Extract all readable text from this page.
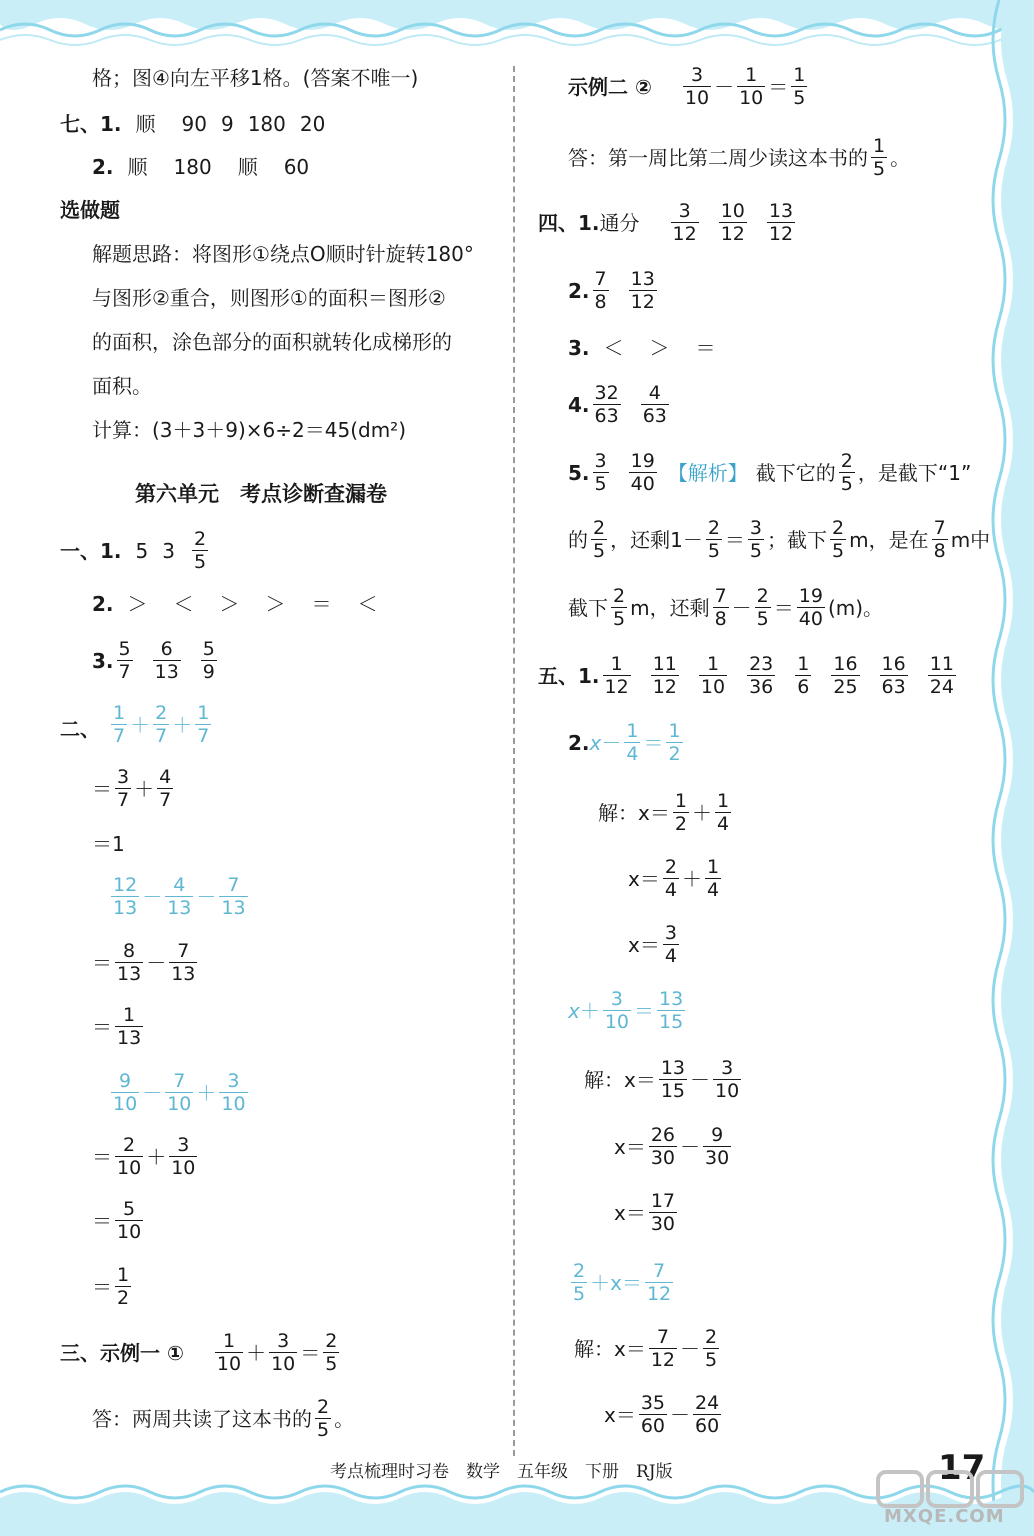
格；图④向左平移1格。(答案不唯一)
七、1. 顺 90 9 180 20
2. 顺 180 顺 60
选做题
解题思路：将图形①绕点O顺时针旋转180°
与图形②重合，则图形①的面积＝图形②
的面积，涂色部分的面积就转化成梯形的
面积。
计算：(3＋3＋9)×6÷2＝45(dm²)
第六单元　考点诊断查漏卷
一、1. 5 3 2
5
2. ＞ ＜ ＞ ＞ ＝ ＜
3. 5
7
6
13
5
9
二、
1
7 ＋ 2
7 ＋ 1
7
＝ 3
7 ＋ 4
7
＝1
12
13 － 4
13 － 7
13
＝ 8
13 － 7
13
＝ 1
13
9
10 － 7
10 ＋ 3
10
＝ 2
10 ＋ 3
10
＝ 5
10
＝ 1
2
三、示例一 ① 1
10 ＋ 3
10 ＝ 2
5
答：两周共读了这本书的 2
5 。
示例二 ② 3
10 － 1
10 ＝ 1
5
答：第一周比第二周少读这本书的 1
5 。
四、1. 通分 3
12
10
12
13
12
2. 7
8
13
12
3. ＜ ＞ ＝
4. 32
63
4
63
5. 3
5
19
40 【解析】 截下它的 2
5 ，是截下“1”
的 2
5 ，还剩1－ 2
5 ＝ 3
5 ；截下 2
5 m，是在 7
8 m中
截下 2
5 m，还剩 7
8 － 2
5 ＝ 19
40 (m)。
五、1. 1
12
11
12
1
10
23
36
1
6
16
25
16
63
11
24
2. x － 1
4 ＝ 1
2
解：x＝ 1
2 ＋ 1
4
x＝ 2
4 ＋ 1
4
x＝ 3
4
x ＋ 3
10 ＝ 13
15
解：x＝ 13
15 － 3
10
x＝ 26
30 － 9
30
x＝ 17
30
2
5 ＋x＝ 7
12
解：x＝ 7
12 － 2
5
x＝ 35
60 － 24
60
考点梳理时习卷　数学　五年级　下册　RJ版	17
MXQE.COM
